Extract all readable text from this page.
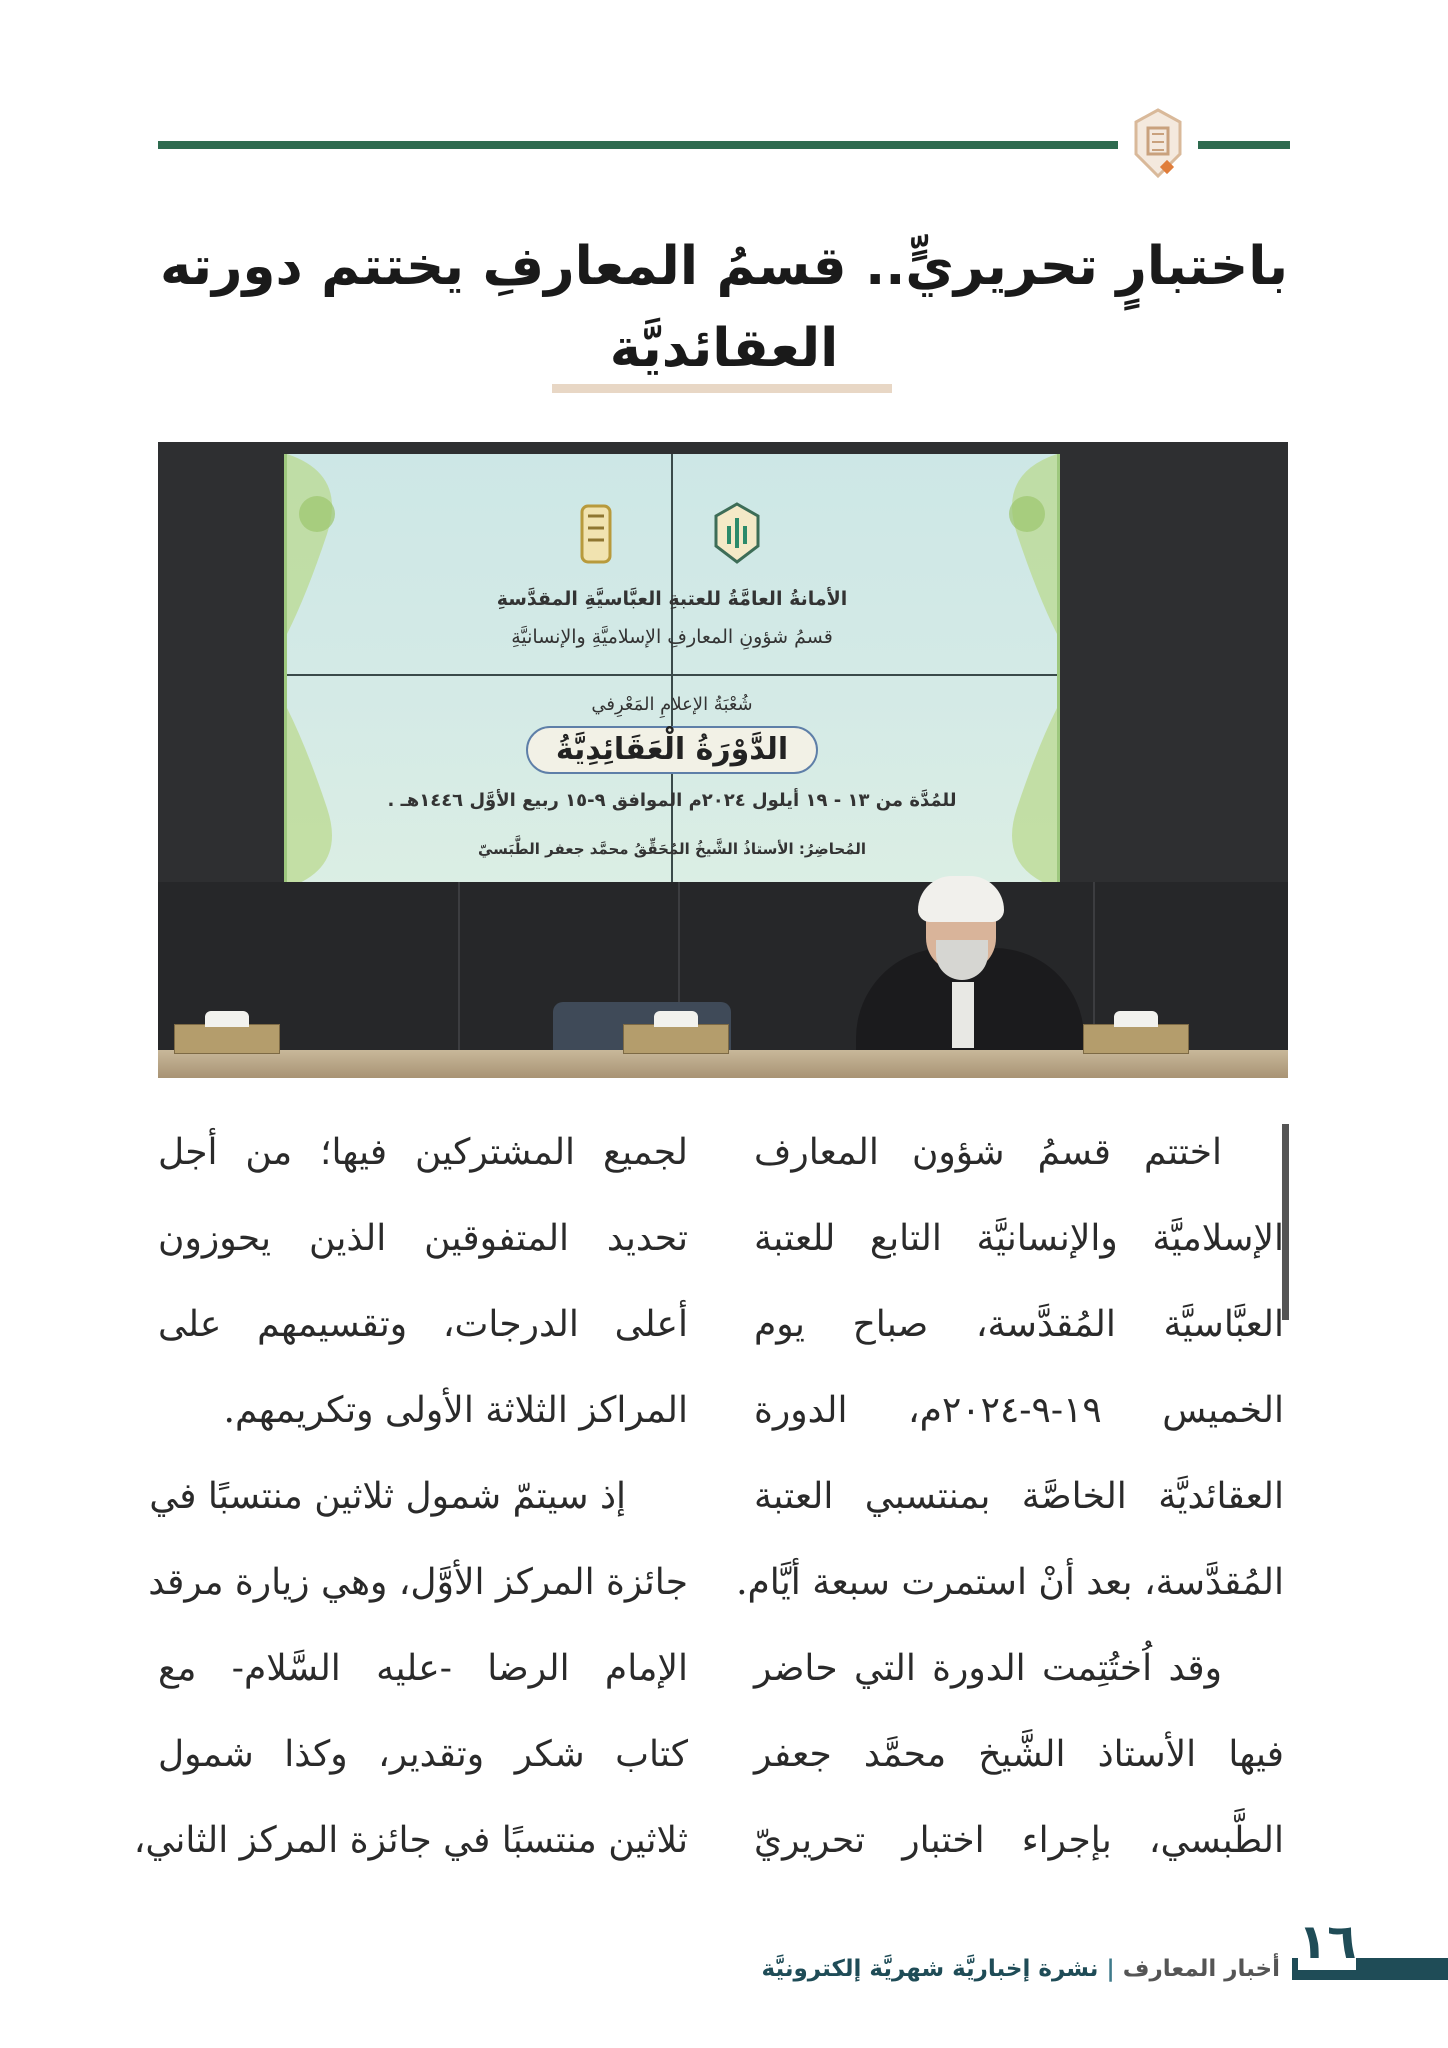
باختبارٍ تحريريٍّ.. قسمُ المعارفِ يختتم دورته
العقائديَّة
الأمانةُ العامَّةُ للعتبةِ العبَّاسيَّةِ المقدَّسةِ
قسمُ شؤونِ المعارفِ الإسلاميَّةِ والإنسانيَّةِ
شُعْبَةُ الإعلامِ المَعْرِفي
الدَّوْرَةُ الْعَقَائِدِيَّةُ
للمُدَّة من ١٣ - ١٩ أيلول ٢٠٢٤م الموافق ٩-١٥ ربيع الأوَّل ١٤٤٦هـ .
المُحاضِرُ: الأستاذُ الشَّيخُ المُحَقِّقُ محمَّد جعفر الطَّبَسيّ
اختتم قسمُ شؤون المعارف
الإسلاميَّة والإنسانيَّة التابع للعتبة
العبَّاسيَّة المُقدَّسة، صباح يوم
الخميس ١٩-٩-٢٠٢٤م، الدورة
العقائديَّة الخاصَّة بمنتسبي العتبة
المُقدَّسة، بعد أنْ استمرت سبعة أيَّام.
وقد اُختُتِمت الدورة التي حاضر
فيها الأستاذ الشَّيخ محمَّد جعفر
الطَّبسي، بإجراء اختبار تحريريّ
لجميع المشتركين فيها؛ من أجل
تحديد المتفوقين الذين يحوزون
أعلى الدرجات، وتقسيمهم على
المراكز الثلاثة الأولى وتكريمهم.
إذ سيتمّ شمول ثلاثين منتسبًا في
جائزة المركز الأوَّل، وهي زيارة مرقد
الإمام الرضا -عليه السَّلام- مع
كتاب شكر وتقدير، وكذا شمول
ثلاثين منتسبًا في جائزة المركز الثاني،
١٦
أخبار المعارف|نشرة إخباريَّة شهريَّة إلكترونيَّة
